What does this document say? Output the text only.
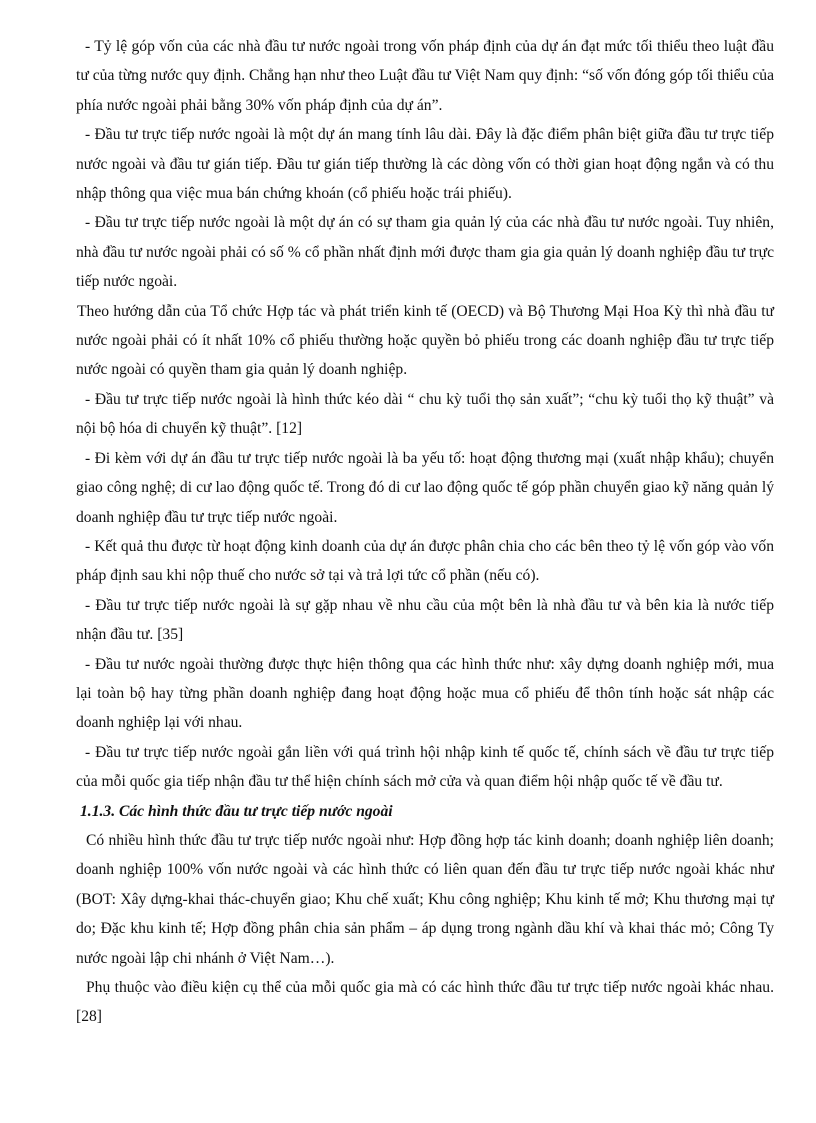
- Tỷ lệ góp vốn của các nhà đầu tư nước ngoài trong vốn pháp định của dự án đạt mức tối thiểu theo luật đầu tư của từng nước quy định. Chẳng hạn như theo Luật đầu tư Việt Nam quy định: “số vốn đóng góp tối thiểu của phía nước ngoài phải bằng 30% vốn pháp định của dự án”.

- Đầu tư trực tiếp nước ngoài là một dự án mang tính lâu dài. Đây là đặc điểm phân biệt giữa đầu tư trực tiếp nước ngoài và đầu tư gián tiếp. Đầu tư gián tiếp thường là các dòng vốn có thời gian hoạt động ngắn và có thu nhập thông qua việc mua bán chứng khoán (cổ phiếu hoặc trái phiếu).

- Đầu tư trực tiếp nước ngoài là một dự án có sự tham gia quản lý của các nhà đầu tư nước ngoài. Tuy nhiên, nhà đầu tư nước ngoài phải có số % cổ phần nhất định mới được tham gia gia quản lý doanh nghiệp đầu tư trực tiếp nước ngoài.

Theo hướng dẫn của Tổ chức Hợp tác và phát triển kinh tế (OECD) và Bộ Thương Mại Hoa Kỳ thì nhà đầu tư nước ngoài phải có ít nhất 10% cổ phiếu thường hoặc quyền bỏ phiếu trong các doanh nghiệp đầu tư trực tiếp nước ngoài có quyền tham gia quản lý doanh nghiệp.

- Đầu tư trực tiếp nước ngoài là hình thức kéo dài “ chu kỳ tuổi thọ sản xuất”; “chu kỳ tuổi thọ kỹ thuật” và nội bộ hóa di chuyển kỹ thuật”. [12]

- Đi kèm với dự án đầu tư trực tiếp nước ngoài là ba yếu tố: hoạt động thương mại (xuất nhập khẩu); chuyển giao công nghệ; di cư lao động quốc tế. Trong đó di cư lao động quốc tế góp phần chuyển giao kỹ năng quản lý doanh nghiệp đầu tư trực tiếp nước ngoài.

- Kết quả thu được từ hoạt động kinh doanh của dự án được phân chia cho các bên theo tỷ lệ vốn góp vào vốn pháp định sau khi nộp thuế cho nước sở tại và trả lợi tức cổ phần (nếu có).

- Đầu tư trực tiếp nước ngoài là sự gặp nhau về nhu cầu của một bên là nhà đầu tư và bên kia là nước tiếp nhận đầu tư. [35]

- Đầu tư nước ngoài thường được thực hiện thông qua các hình thức như: xây dựng doanh nghiệp mới, mua lại toàn bộ hay từng phần doanh nghiệp đang hoạt động hoặc mua cổ phiếu để thôn tính hoặc sát nhập các doanh nghiệp lại với nhau.

- Đầu tư trực tiếp nước ngoài gắn liền với quá trình hội nhập kinh tế quốc tế, chính sách về đầu tư trực tiếp của mỗi quốc gia tiếp nhận đầu tư thể hiện chính sách mở cửa và quan điểm hội nhập quốc tế về đầu tư.

1.1.3. Các hình thức đầu tư trực tiếp nước ngoài

Có nhiều hình thức đầu tư trực tiếp nước ngoài như: Hợp đồng hợp tác kinh doanh; doanh nghiệp liên doanh; doanh nghiệp 100% vốn nước ngoài và các hình thức có liên quan đến đầu tư trực tiếp nước ngoài khác như (BOT: Xây dựng-khai thác-chuyển giao; Khu chế xuất; Khu công nghiệp; Khu kinh tế mở; Khu thương mại tự do; Đặc khu kinh tế; Hợp đồng phân chia sản phẩm – áp dụng trong ngành dầu khí và khai thác mỏ; Công Ty nước ngoài lập chi nhánh ở Việt Nam…).

Phụ thuộc vào điều kiện cụ thể của mỗi quốc gia mà có các hình thức đầu tư trực tiếp nước ngoài khác nhau. [28]
